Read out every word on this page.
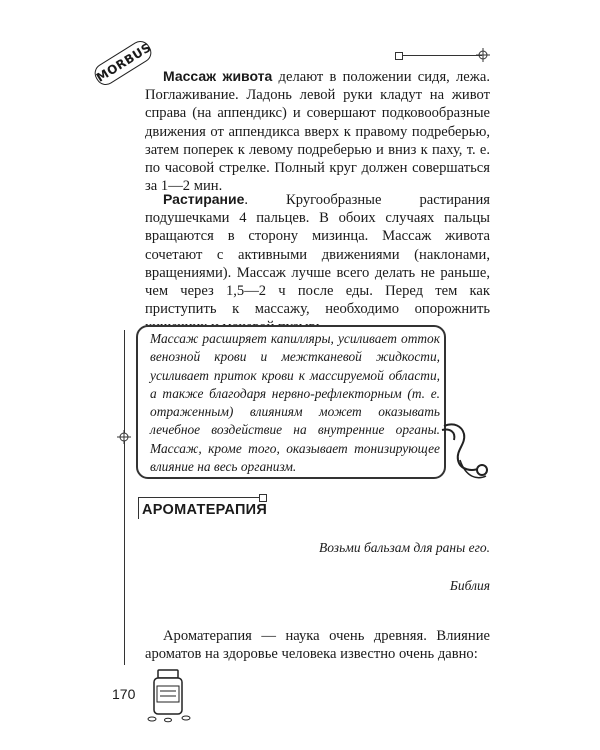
MORBUS Массаж живота делают в положении сидя, лежа. Поглаживание. Ладонь левой руки кладут на живот справа (на аппендикс) и совершают подковообразные движения от аппендикса вверх к правому подреберью, затем поперек к левому подреберью и вниз к паху, т. е. по часовой стрелке. Полный круг должен совершаться за 1—2 мин.

Растирание. Кругообразные растирания подушечками 4 пальцев. В обоих случаях пальцы вращаются в сторону мизинца. Массаж живота сочетают с активными движениями (наклонами, вращениями). Массаж лучше всего делать не раньше, чем через 1,5—2 ч после еды. Перед тем как приступить к массажу, необходимо опорожнить

Массаж расширяет капилляры, усиливает отток венозной крови и межтканевой жидкости, усиливает приток крови к массируемой области, а также благодаря нервно-рефлекторным (т. е. отраженным) влияниям может оказывать лечебное воздействие на внутренние органы. Массаж, кроме того, оказывает тонизирующее влияние на весь организм.

АРОМАТЕРАПИЯ

Возьми бальзам для раны его.

Библия

Ароматерапия — наука очень древняя. Влияние ароматов на здоровье человека известно очень давно:

170
